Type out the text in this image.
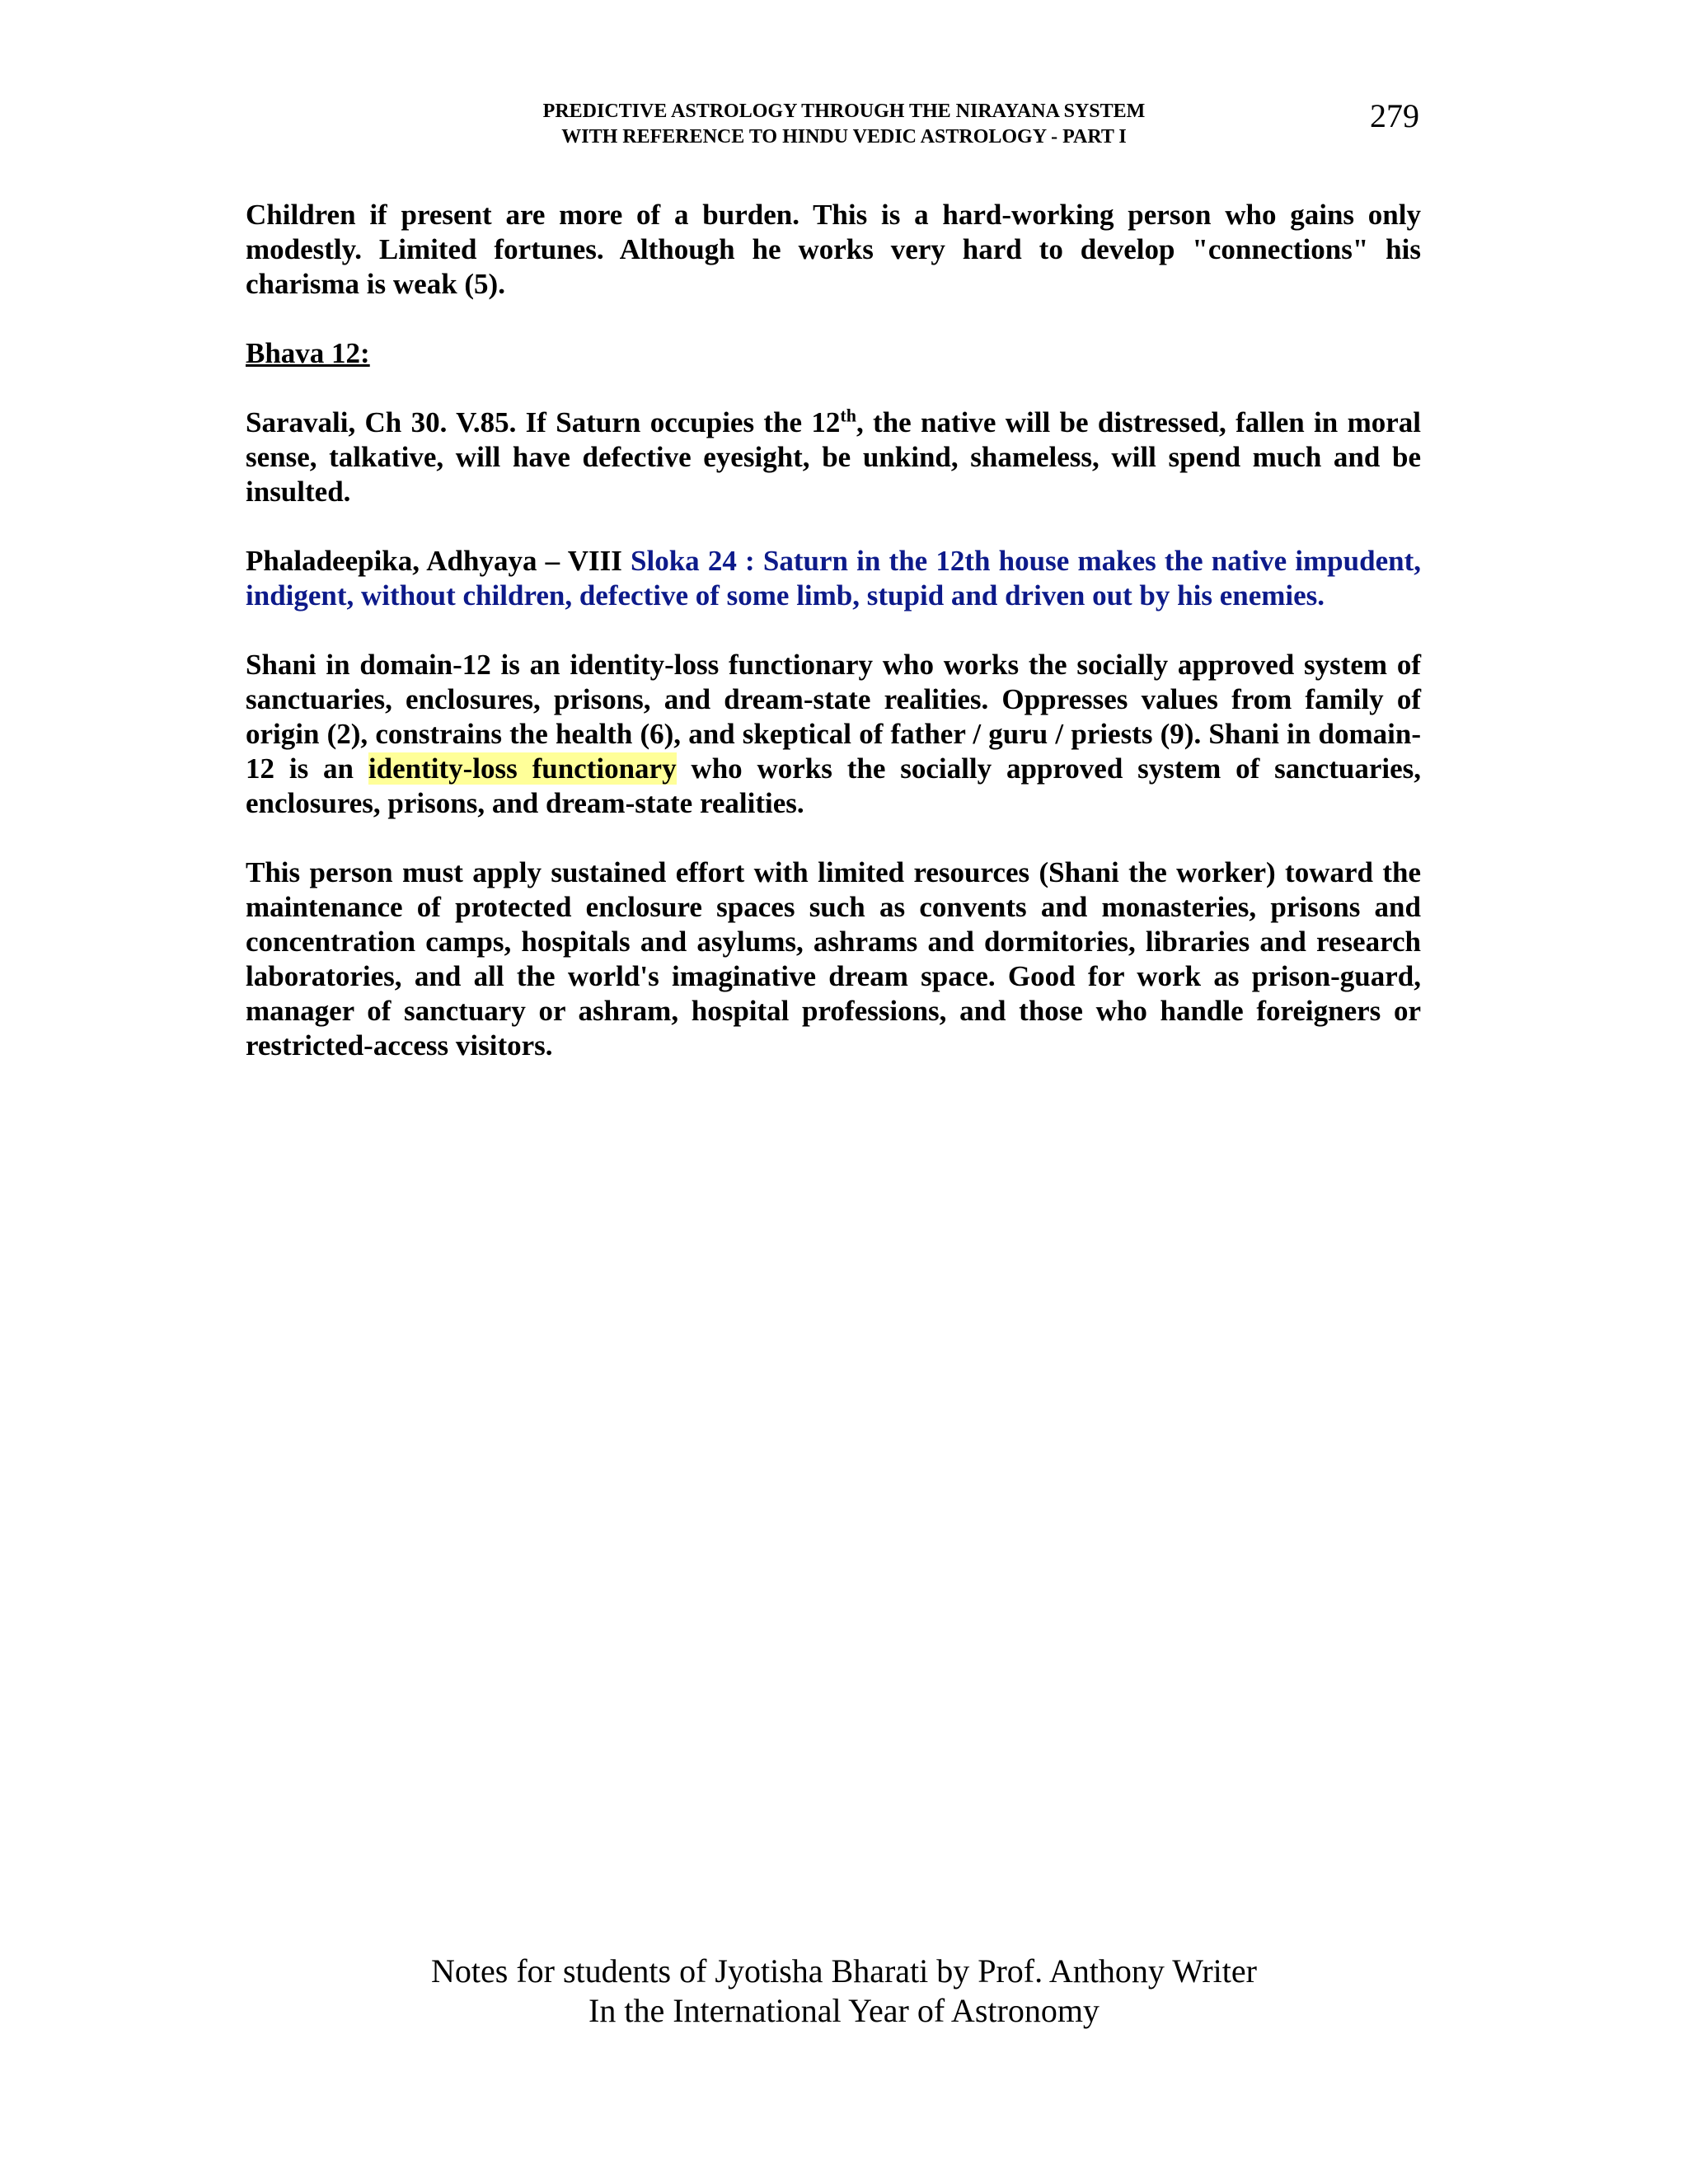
PREDICTIVE ASTROLOGY THROUGH THE NIRAYANA SYSTEM
WITH REFERENCE TO HINDU VEDIC ASTROLOGY - PART I
279

Children if present are more of a burden. This is a hard-working person who gains only modestly. Limited fortunes. Although he works very hard to develop "connections" his charisma is weak (5).

Bhava 12:

Saravali, Ch 30. V.85. If Saturn occupies the 12th, the native will be distressed, fallen in moral sense, talkative, will have defective eyesight, be unkind, shameless, will spend much and be insulted.

Phaladeepika, Adhyaya – VIII Sloka 24 : Saturn in the 12th house makes the native impudent, indigent, without children, defective of some limb, stupid and driven out by his enemies.

Shani in domain-12 is an identity-loss functionary who works the socially approved system of sanctuaries, enclosures, prisons, and dream-state realities. Oppresses values from family of origin (2), constrains the health (6), and skeptical of father / guru / priests (9). Shani in domain-12 is an identity-loss functionary who works the socially approved system of sanctuaries, enclosures, prisons, and dream-state realities.

This person must apply sustained effort with limited resources (Shani the worker) toward the maintenance of protected enclosure spaces such as convents and monasteries, prisons and concentration camps, hospitals and asylums, ashrams and dormitories, libraries and research laboratories, and all the world's imaginative dream space. Good for work as prison-guard, manager of sanctuary or ashram, hospital professions, and those who handle foreigners or restricted-access visitors.

Notes for students of Jyotisha Bharati by Prof. Anthony Writer
In the International Year of Astronomy
